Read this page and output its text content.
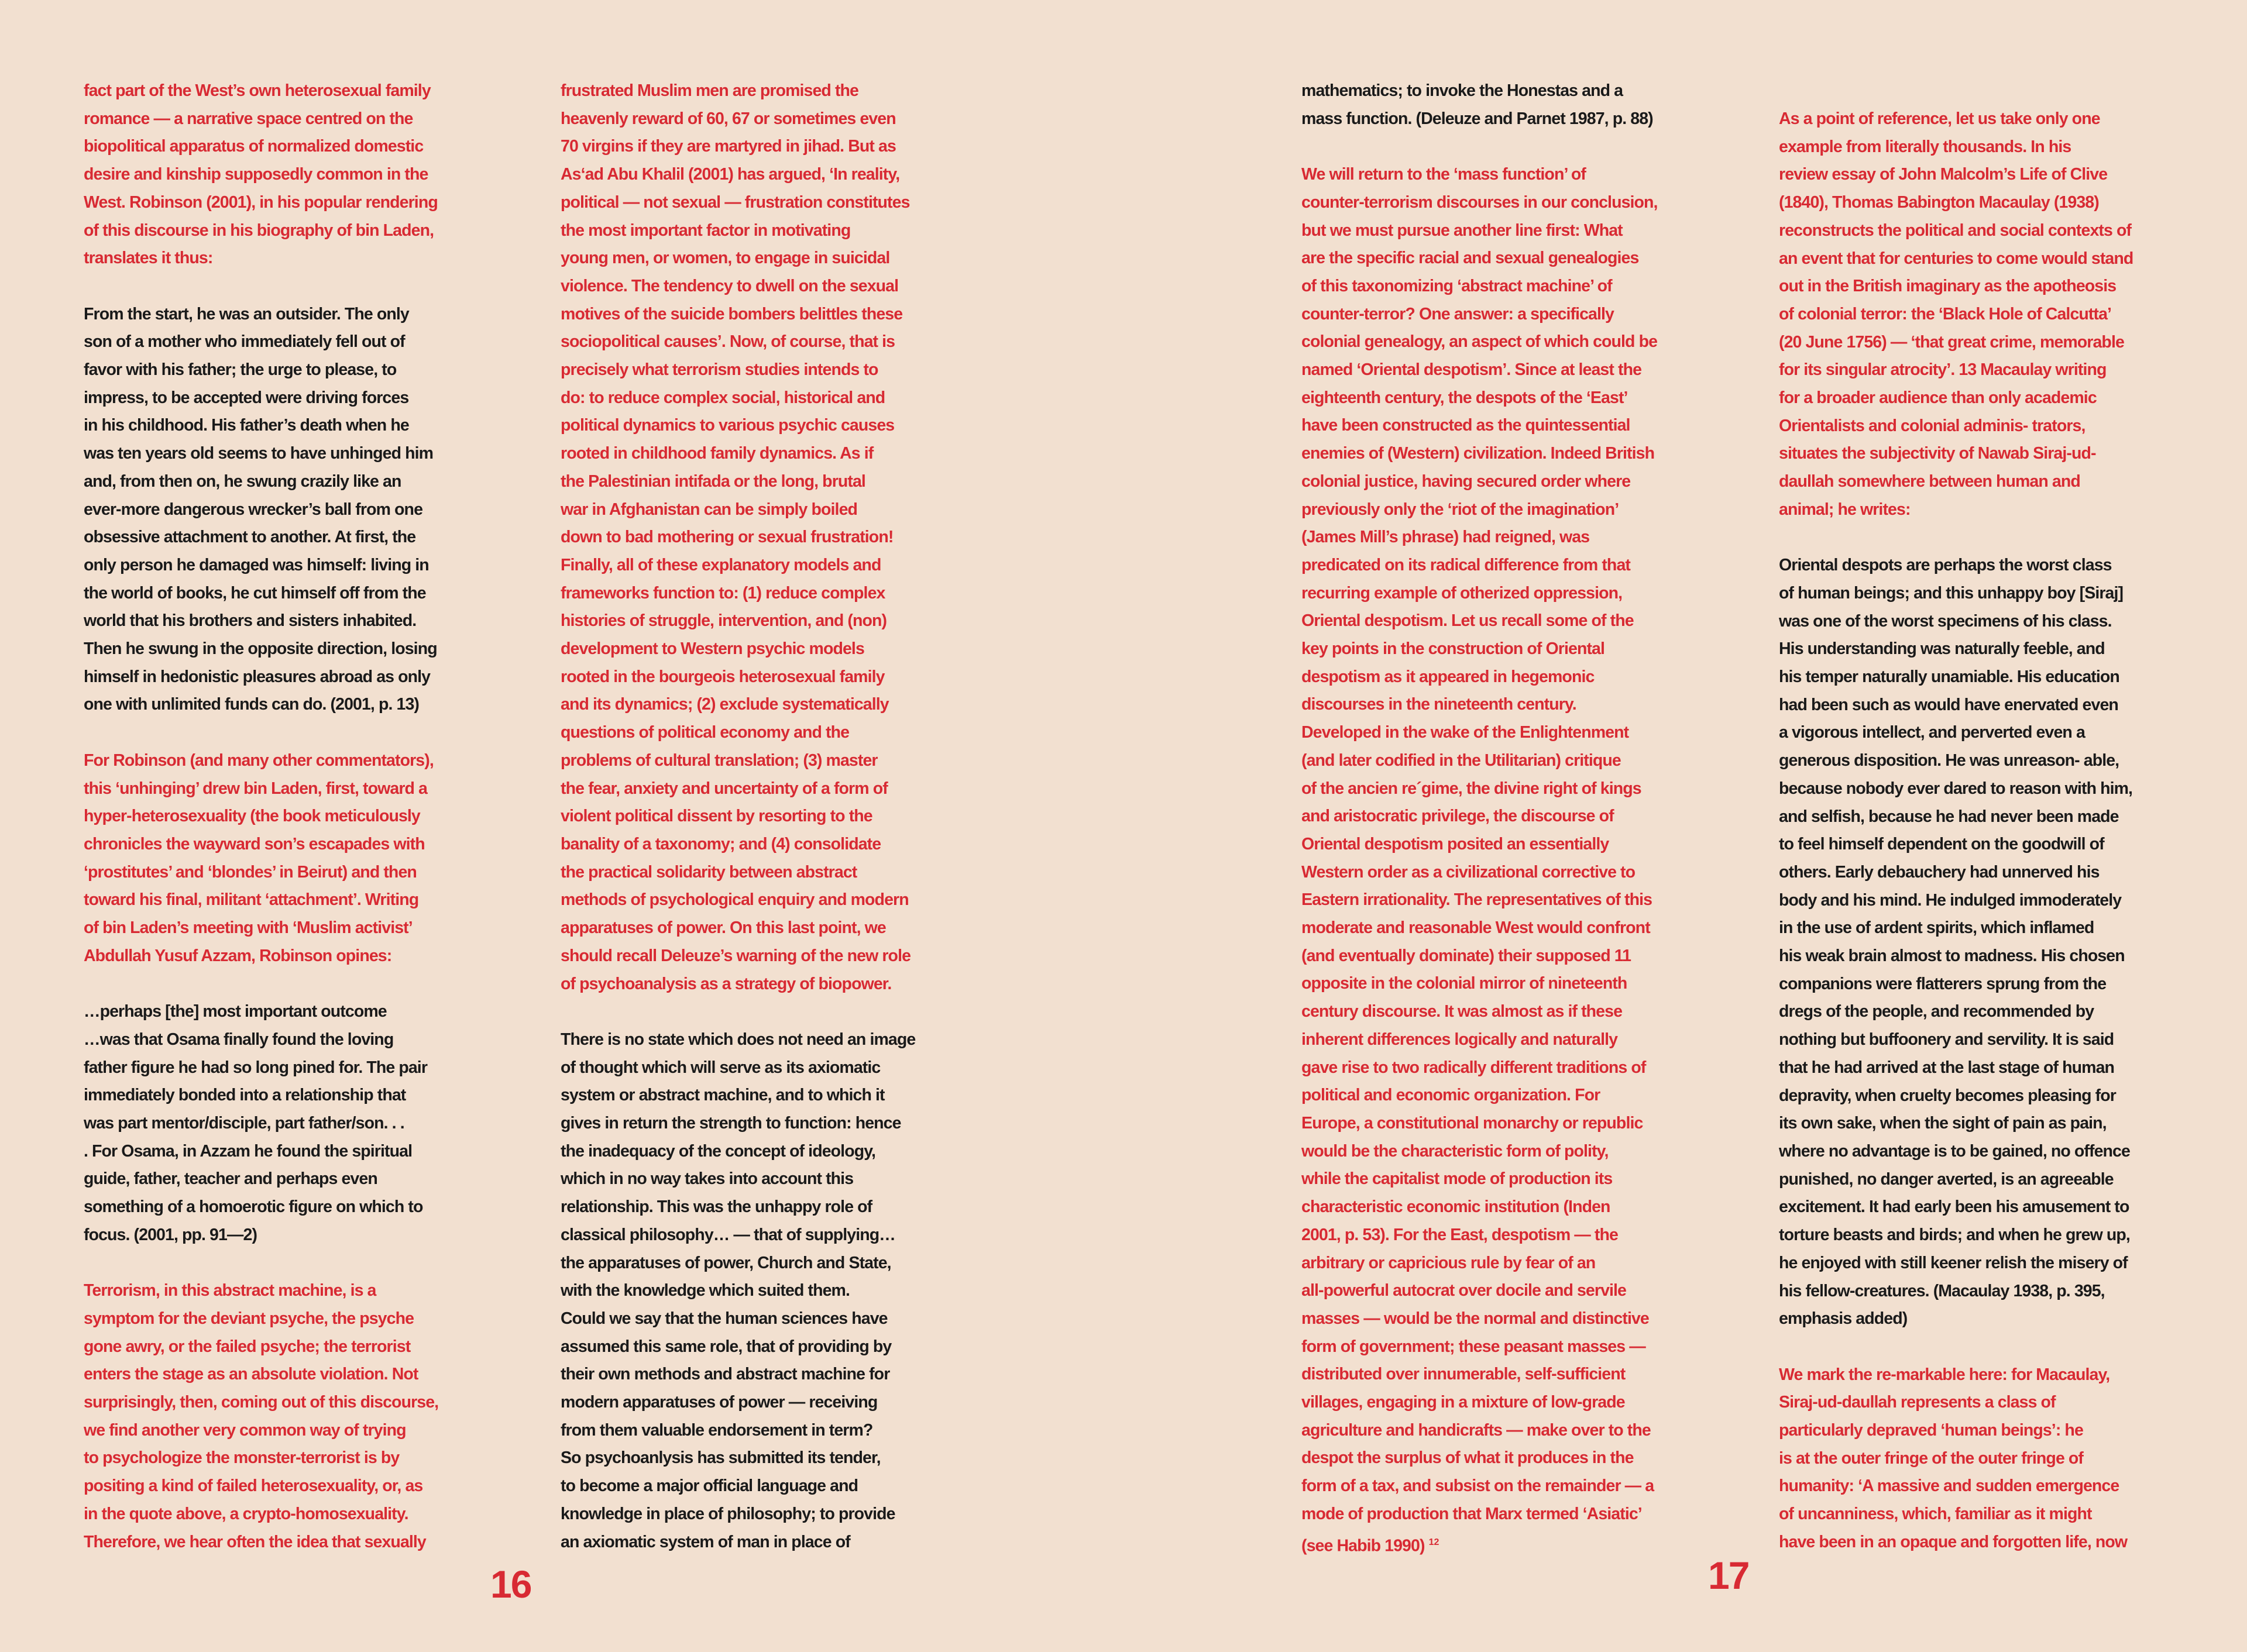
fact part of the West’s own heterosexual family
romance — a narrative space centred on the
biopolitical apparatus of normalized domestic
desire and kinship supposedly common in the
West. Robinson (2001), in his popular rendering
of this discourse in his biography of bin Laden,
translates it thus:

From the start, he was an outsider. The only
son of a mother who immediately fell out of
favor with his father; the urge to please, to
impress, to be accepted were driving forces
in his childhood. His father’s death when he
was ten years old seems to have unhinged him
and, from then on, he swung crazily like an
ever-more dangerous wrecker’s ball from one
obsessive attachment to another. At first, the
only person he damaged was himself: living in
the world of books, he cut himself off from the
world that his brothers and sisters inhabited.
Then he swung in the opposite direction, losing
himself in hedonistic pleasures abroad as only
one with unlimited funds can do. (2001, p. 13)

For Robinson (and many other commentators),
this ‘unhinging’ drew bin Laden, first, toward a
hyper-heterosexuality (the book meticulously
chronicles the wayward son’s escapades with
‘prostitutes’ and ‘blondes’ in Beirut) and then
toward his final, militant ‘attachment’. Writing
of bin Laden’s meeting with ‘Muslim activist’
Abdullah Yusuf Azzam, Robinson opines:

…perhaps [the] most important outcome
…was that Osama finally found the loving
father figure he had so long pined for. The pair
immediately bonded into a relationship that
was part mentor/disciple, part father/son. . .
. For Osama, in Azzam he found the spiritual
guide, father, teacher and perhaps even
something of a homoerotic figure on which to
focus. (2001, pp. 91—2)

Terrorism, in this abstract machine, is a
symptom for the deviant psyche, the psyche
gone awry, or the failed psyche; the terrorist
enters the stage as an absolute violation. Not
surprisingly, then, coming out of this discourse,
we find another very common way of trying
to psychologize the monster-terrorist is by
positing a kind of failed heterosexuality, or, as
in the quote above, a crypto-homosexuality.
Therefore, we hear often the idea that sexually

frustrated Muslim men are promised the
heavenly reward of 60, 67 or sometimes even
70 virgins if they are martyred in jihad. But as
As‘ad Abu Khalil (2001) has argued, ‘In reality,
political — not sexual — frustration constitutes
the most important factor in motivating
young men, or women, to engage in suicidal
violence. The tendency to dwell on the sexual
motives of the suicide bombers belittles these
sociopolitical causes’. Now, of course, that is
precisely what terrorism studies intends to
do: to reduce complex social, historical and
political dynamics to various psychic causes
rooted in childhood family dynamics. As if
the Palestinian intifada or the long, brutal
war in Afghanistan can be simply boiled
down to bad mothering or sexual frustration!
Finally, all of these explanatory models and
frameworks function to: (1) reduce complex
histories of struggle, intervention, and (non)
development to Western psychic models
rooted in the bourgeois heterosexual family
and its dynamics; (2) exclude systematically
questions of political economy and the
problems of cultural translation; (3) master
the fear, anxiety and uncertainty of a form of
violent political dissent by resorting to the
banality of a taxonomy; and (4) consolidate
the practical solidarity between abstract
methods of psychological enquiry and modern
apparatuses of power. On this last point, we
should recall Deleuze’s warning of the new role
of psychoanalysis as a strategy of biopower.

There is no state which does not need an image
of thought which will serve as its axiomatic
system or abstract machine, and to which it
gives in return the strength to function: hence
the inadequacy of the concept of ideology,
which in no way takes into account this
relationship. This was the unhappy role of
classical philosophy… — that of supplying…
the apparatuses of power, Church and State,
with the knowledge which suited them.
Could we say that the human sciences have
assumed this same role, that of providing by
their own methods and abstract machine for
modern apparatuses of power — receiving
from them valuable endorsement in term?
So psychoanlysis has submitted its tender,
to become a major official language and
knowledge in place of philosophy; to provide
an axiomatic system of man in place of

16

mathematics; to invoke the Honestas and a
mass function. (Deleuze and Parnet 1987, p. 88)

We will return to the ‘mass function’ of
counter-terrorism discourses in our conclusion,
but we must pursue another line first: What
are the specific racial and sexual genealogies
of this taxonomizing ‘abstract machine’ of
counter-terror? One answer: a specifically
colonial genealogy, an aspect of which could be
named ‘Oriental despotism’. Since at least the
eighteenth century, the despots of the ‘East’
have been constructed as the quintessential
enemies of (Western) civilization. Indeed British
colonial justice, having secured order where
previously only the ‘riot of the imagination’
(James Mill’s phrase) had reigned, was
predicated on its radical difference from that
recurring example of otherized oppression,
Oriental despotism. Let us recall some of the
key points in the construction of Oriental
despotism as it appeared in hegemonic
discourses in the nineteenth century.
Developed in the wake of the Enlightenment
(and later codified in the Utilitarian) critique
of the ancien re´gime, the divine right of kings
and aristocratic privilege, the discourse of
Oriental despotism posited an essentially
Western order as a civilizational corrective to
Eastern irrationality. The representatives of this
moderate and reasonable West would confront
(and eventually dominate) their supposed 11
opposite in the colonial mirror of nineteenth
century discourse. It was almost as if these
inherent differences logically and naturally
gave rise to two radically different traditions of
political and economic organization. For
Europe, a constitutional monarchy or republic
would be the characteristic form of polity,
while the capitalist mode of production its
characteristic economic institution (Inden
2001, p. 53). For the East, despotism — the
arbitrary or capricious rule by fear of an
all-powerful autocrat over docile and servile
masses — would be the normal and distinctive
form of government; these peasant masses —
distributed over innumerable, self-sufficient
villages, engaging in a mixture of low-grade
agriculture and handicrafts — make over to the
despot the surplus of what it produces in the
form of a tax, and subsist on the remainder — a
mode of production that Marx termed ‘Asiatic’
(see Habib 1990) $^{12}$

As a point of reference, let us take only one
example from literally thousands. In his
review essay of John Malcolm’s Life of Clive
(1840), Thomas Babington Macaulay (1938)
reconstructs the political and social contexts of
an event that for centuries to come would stand
out in the British imaginary as the apotheosis
of colonial terror: the ‘Black Hole of Calcutta’
(20 June 1756) — ‘that great crime, memorable
for its singular atrocity’. 13 Macaulay writing
for a broader audience than only academic
Orientalists and colonial adminis- trators,
situates the subjectivity of Nawab Siraj-ud-
daullah somewhere between human and
animal; he writes:

Oriental despots are perhaps the worst class
of human beings; and this unhappy boy [Siraj]
was one of the worst specimens of his class.
His understanding was naturally feeble, and
his temper naturally unamiable. His education
had been such as would have enervated even
a vigorous intellect, and perverted even a
generous disposition. He was unreason- able,
because nobody ever dared to reason with him,
and selfish, because he had never been made
to feel himself dependent on the goodwill of
others. Early debauchery had unnerved his
body and his mind. He indulged immoderately
in the use of ardent spirits, which inflamed
his weak brain almost to madness. His chosen
companions were flatterers sprung from the
dregs of the people, and recommended by
nothing but buffoonery and servility. It is said
that he had arrived at the last stage of human
depravity, when cruelty becomes pleasing for
its own sake, when the sight of pain as pain,
where no advantage is to be gained, no offence
punished, no danger averted, is an agreeable
excitement. It had early been his amusement to
torture beasts and birds; and when he grew up,
he enjoyed with still keener relish the misery of
his fellow-creatures. (Macaulay 1938, p. 395,
emphasis added)

We mark the re-markable here: for Macaulay,
Siraj-ud-daullah represents a class of
particularly depraved ‘human beings’: he
is at the outer fringe of the outer fringe of
humanity: ‘A massive and sudden emergence
of uncanniness, which, familiar as it might
have been in an opaque and forgotten life, now

17
